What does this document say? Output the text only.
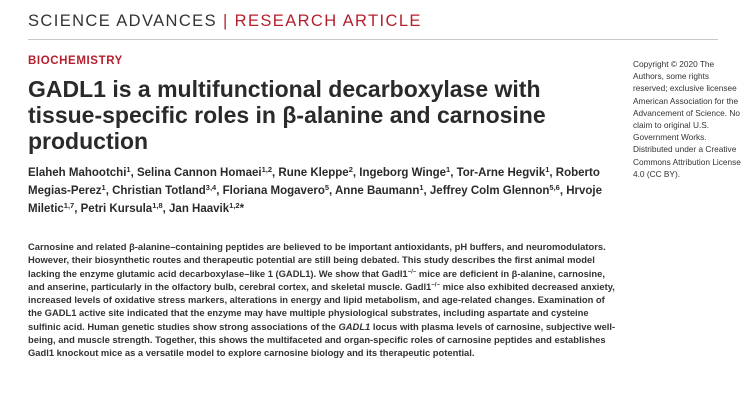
SCIENCE ADVANCES | RESEARCH ARTICLE
BIOCHEMISTRY
GADL1 is a multifunctional decarboxylase with tissue-specific roles in β-alanine and carnosine production
Elaheh Mahootchi$^1$, Selina Cannon Homaei$^{1,2}$, Rune Kleppe$^2$, Ingeborg Winge$^1$, Tor-Arne Hegvik$^1$, Roberto Megias-Perez$^1$, Christian Totland$^{3,4}$, Floriana Mogavero$^5$, Anne Baumann$^1$, Jeffrey Colm Glennon$^{5,6}$, Hrvoje Miletic$^{1,7}$, Petri Kursula$^{1,8}$, Jan Haavik$^{1,2}$*
Copyright © 2020 The Authors, some rights reserved; exclusive licensee American Association for the Advancement of Science. No claim to original U.S. Government Works. Distributed under a Creative Commons Attribution License 4.0 (CC BY).
Carnosine and related β-alanine–containing peptides are believed to be important antioxidants, pH buffers, and neuromodulators. However, their biosynthetic routes and therapeutic potential are still being debated. This study describes the first animal model lacking the enzyme glutamic acid decarboxylase–like 1 (GADL1). We show that Gadl1−/− mice are deficient in β-alanine, carnosine, and anserine, particularly in the olfactory bulb, cerebral cortex, and skeletal muscle. Gadl1−/− mice also exhibited decreased anxiety, increased levels of oxidative stress markers, alterations in energy and lipid metabolism, and age-related changes. Examination of the GADL1 active site indicated that the enzyme may have multiple physiological substrates, including aspartate and cysteine sulfinic acid. Human genetic studies show strong associations of the GADL1 locus with plasma levels of carnosine, subjective well-being, and muscle strength. Together, this shows the multifaceted and organ-specific roles of carnosine peptides and establishes Gadl1 knockout mice as a versatile model to explore carnosine biology and its therapeutic potential.
